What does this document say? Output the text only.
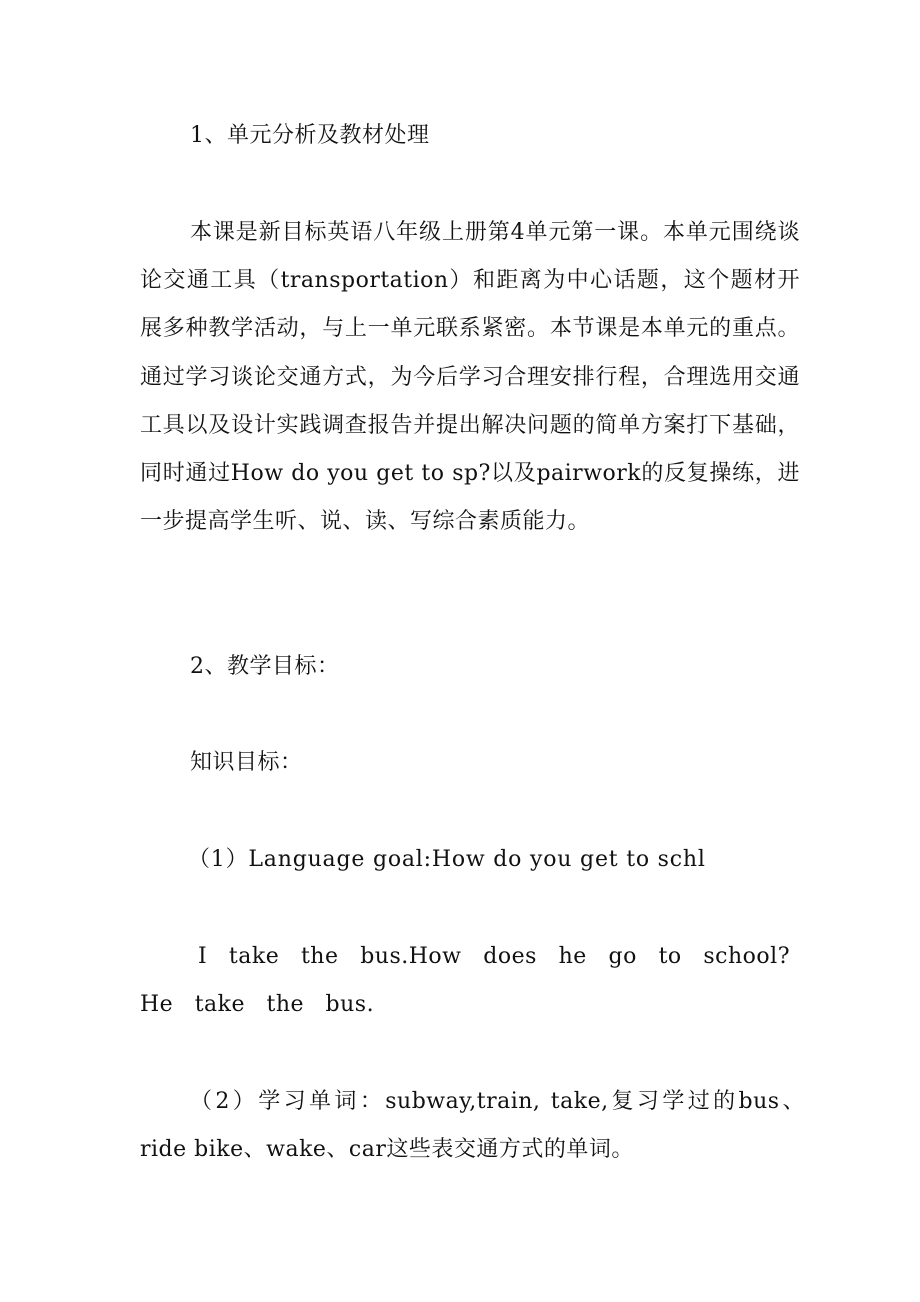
1、单元分析及教材处理

本课是新目标英语八年级上册第4单元第一课。本单元围绕谈论交通工具（transportation）和距离为中心话题，这个题材开展多种教学活动，与上一单元联系紧密。本节课是本单元的重点。通过学习谈论交通方式，为今后学习合理安排行程，合理选用交通工具以及设计实践调查报告并提出解决问题的简单方案打下基础，同时通过How do you get to sp?以及pairwork的反复操练，进一步提高学生听、说、读、写综合素质能力。

2、教学目标：

知识目标：

（1）Language goal:How do you get to schl

I take the bus.How does he go to school? He take the bus.

（2）学习单词：subway,train, take,复习学过的bus、ride bike、wake、car这些表交通方式的单词。
